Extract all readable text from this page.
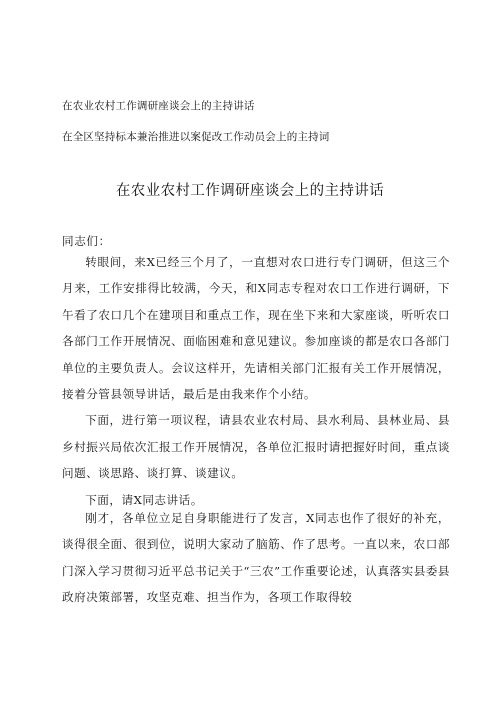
在农业农村工作调研座谈会上的主持讲话
在全区坚持标本兼治推进以案促改工作动员会上的主持词
在农业农村工作调研座谈会上的主持讲话
同志们：

转眼间，来X已经三个月了，一直想对农口进行专门调研，但这三个月来，工作安排得比较满，今天，和X同志专程对农口工作进行调研，下午看了农口几个在建项目和重点工作，现在坐下来和大家座谈，听听农口各部门工作开展情况、面临困难和意见建议。参加座谈的都是农口各部门单位的主要负责人。会议这样开，先请相关部门汇报有关工作开展情况，接着分管县领导讲话，最后是由我来作个小结。

下面，进行第一项议程，请县农业农村局、县水利局、县林业局、县乡村振兴局依次汇报工作开展情况，各单位汇报时请把握好时间，重点谈问题、谈思路、谈打算、谈建议。

下面，请X同志讲话。

刚才，各单位立足自身职能进行了发言，X同志也作了很好的补充，谈得很全面、很到位，说明大家动了脑筋、作了思考。一直以来，农口部门深入学习贯彻习近平总书记关于“三农”工作重要论述，认真落实县委县政府决策部署，攻坚克难、担当作为，各项工作取得较
